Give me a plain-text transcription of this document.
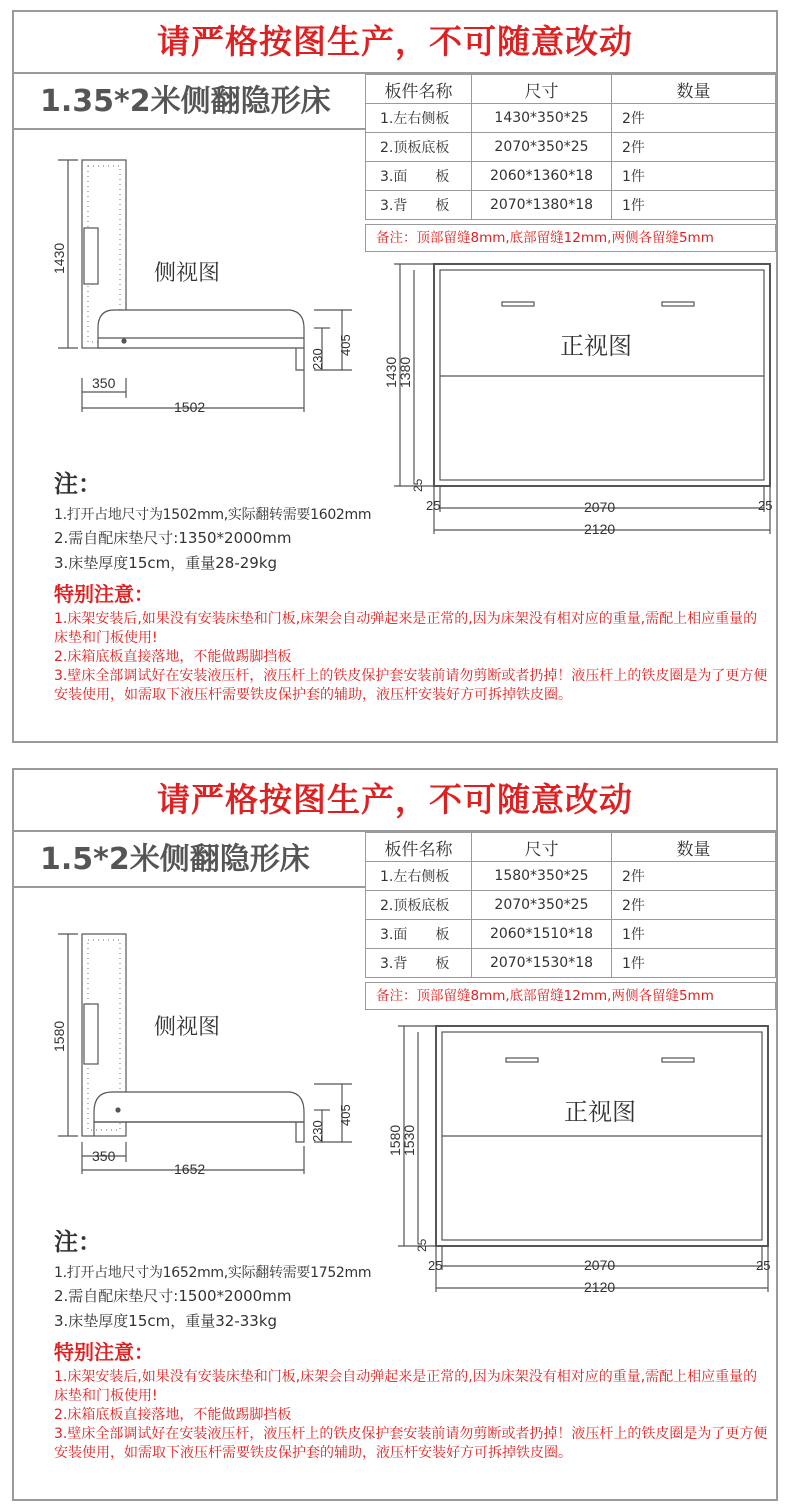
请严格按图生产，不可随意改动
1.35*2米侧翻隐形床	板件名称	尺寸	数量
1.左右侧板	1430*350*25	2件
2.顶板底板	2070*350*25	2件
3.面　　板	2060*1360*18	1件
3.背　　板	2070*1380*18	1件
备注：顶部留缝8mm,底部留缝12mm,两侧各留缝5mm
侧视图
1430
350
1502
230
405	正视图
1430
1380
25
25	25
2070
2120
注：
1.打开占地尺寸为1502mm,实际翻转需要1602mm
2.需自配床垫尺寸:1350*2000mm
3.床垫厚度15cm，重量28-29kg
特别注意：
1.床架安装后,如果没有安装床垫和门板,床架会自动弹起来是正常的,因为床架没有相对应的重量,需配上相应重量的床垫和门板使用!
2.床箱底板直接落地，不能做踢脚挡板
3.壁床全部调试好在安装液压杆，液压杆上的铁皮保护套安装前请勿剪断或者扔掉！液压杆上的铁皮圈是为了更方便安装使用，如需取下液压杆需要铁皮保护套的辅助，液压杆安装好方可拆掉铁皮圈。
请严格按图生产，不可随意改动
1.5*2米侧翻隐形床	板件名称	尺寸	数量
1.左右侧板	1580*350*25	2件
2.顶板底板	2070*350*25	2件
3.面　　板	2060*1510*18	1件
3.背　　板	2070*1530*18	1件
备注：顶部留缝8mm,底部留缝12mm,两侧各留缝5mm
侧视图
1580
350
1652
230
405	正视图
1580
1530
25
25	25
2070
2120
注：
1.打开占地尺寸为1652mm,实际翻转需要1752mm
2.需自配床垫尺寸:1500*2000mm
3.床垫厚度15cm，重量32-33kg
特别注意：
1.床架安装后,如果没有安装床垫和门板,床架会自动弹起来是正常的,因为床架没有相对应的重量,需配上相应重量的床垫和门板使用!
2.床箱底板直接落地，不能做踢脚挡板
3.壁床全部调试好在安装液压杆，液压杆上的铁皮保护套安装前请勿剪断或者扔掉！液压杆上的铁皮圈是为了更方便安装使用，如需取下液压杆需要铁皮保护套的辅助，液压杆安装好方可拆掉铁皮圈。
